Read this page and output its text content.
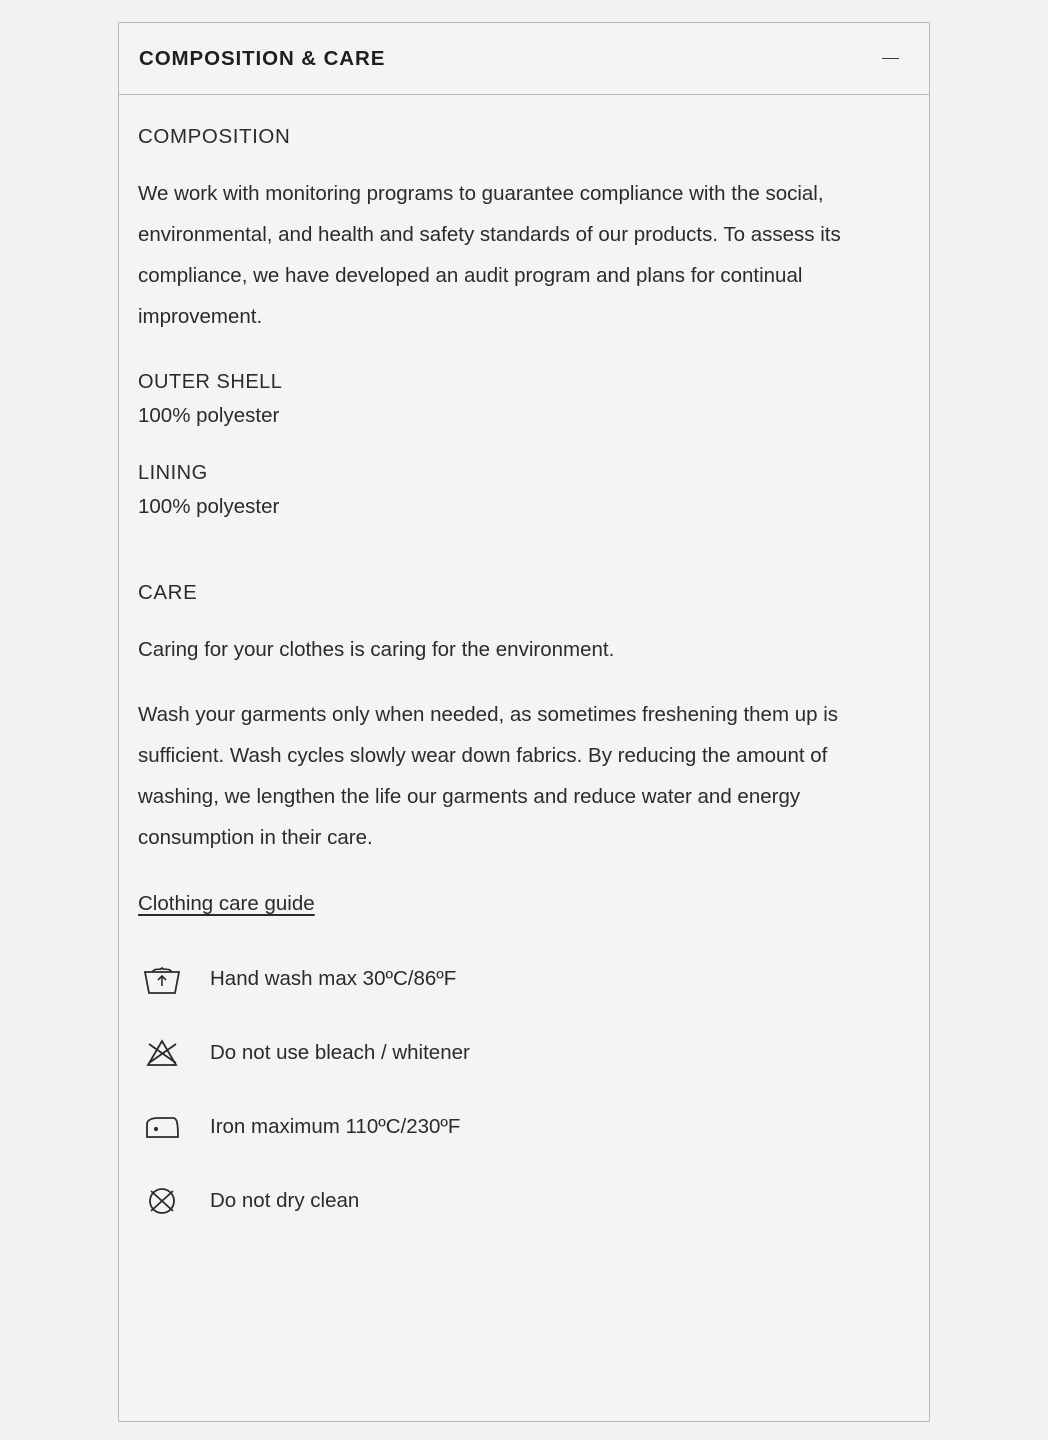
COMPOSITION & CARE
COMPOSITION

We work with monitoring programs to guarantee compliance with the social, environmental, and health and safety standards of our products. To assess its compliance, we have developed an audit program and plans for continual improvement.

OUTER SHELL
100% polyester
LINING
100% polyester
CARE

Caring for your clothes is caring for the environment.

Wash your garments only when needed, as sometimes freshening them up is sufficient. Wash cycles slowly wear down fabrics. By reducing the amount of washing, we lengthen the life our garments and reduce water and energy consumption in their care.

Clothing care guide
Hand wash max 30ºC/86ºF
Do not use bleach / whitener
Iron maximum 110ºC/230ºF
Do not dry clean
